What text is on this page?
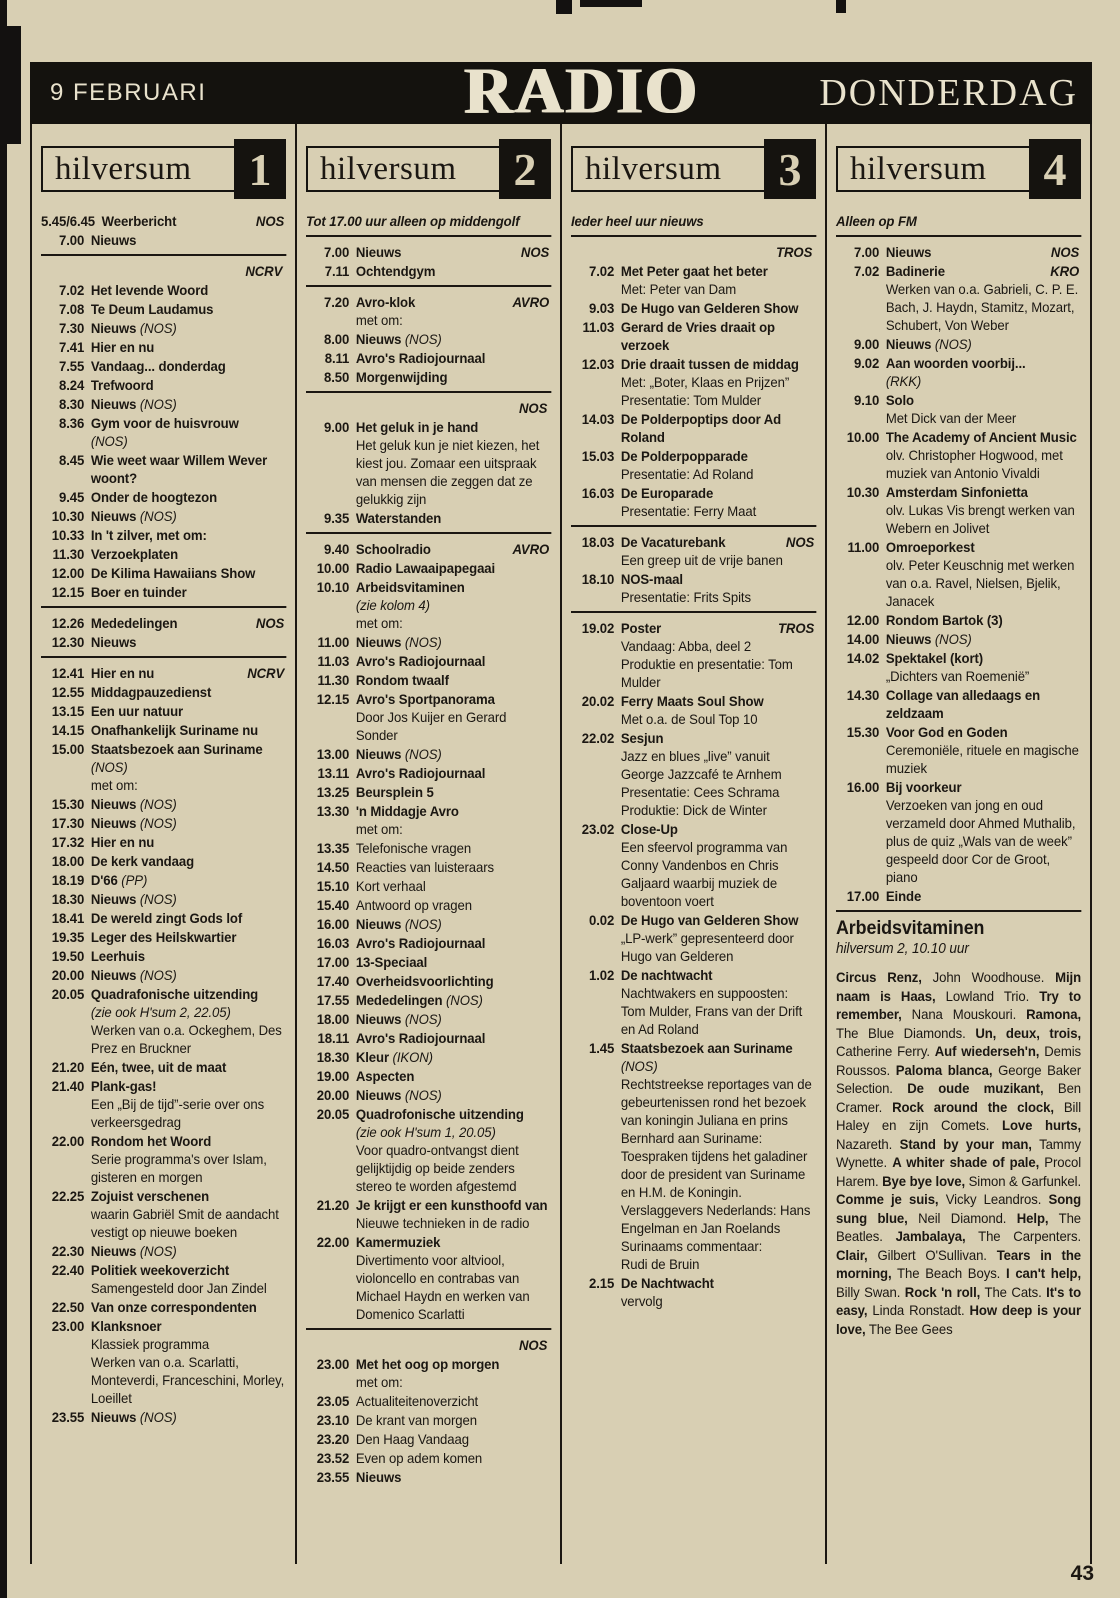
9 FEBRUARI	RADIO	DONDERDAG
hilversum	1
5.45/6.45 Weerbericht	NOS
7.00 Nieuws
NCRV
7.02 Het levende Woord
7.08 Te Deum Laudamus
7.30 Nieuws (NOS)
7.41 Hier en nu
7.55 Vandaag... donderdag
8.24 Trefwoord
8.30 Nieuws (NOS)
8.36 Gym voor de huisvrouw
(NOS)
8.45 Wie weet waar Willem Wever woont?
9.45 Onder de hoogtezon
10.30 Nieuws (NOS)
10.33 In 't zilver, met om:
11.30 Verzoekplaten
12.00 De Kilima Hawaiians Show
12.15 Boer en tuinder
12.26 Mededelingen	NOS
12.30 Nieuws
12.41 Hier en nu	NCRV
12.55 Middagpauzedienst
13.15 Een uur natuur
14.15 Onafhankelijk Suriname nu
15.00 Staatsbezoek aan Suriname
(NOS)
met om:
15.30 Nieuws (NOS)
17.30 Nieuws (NOS)
17.32 Hier en nu
18.00 De kerk vandaag
18.19 D'66 (PP)
18.30 Nieuws (NOS)
18.41 De wereld zingt Gods lof
19.35 Leger des Heilskwartier
19.50 Leerhuis
20.00 Nieuws (NOS)
20.05 Quadrafonische uitzending
(zie ook H'sum 2, 22.05)
Werken van o.a. Ockeghem, Des Prez en Bruckner
21.20 Eén, twee, uit de maat
21.40 Plank-gas!
Een „Bij de tijd”-serie over ons verkeersgedrag
22.00 Rondom het Woord
Serie programma's over Islam, gisteren en morgen
22.25 Zojuist verschenen
waarin Gabriël Smit de aandacht vestigt op nieuwe boeken
22.30 Nieuws (NOS)
22.40 Politiek weekoverzicht
Samengesteld door Jan Zindel
22.50 Van onze correspondenten
23.00 Klanksnoer
Klassiek programma
Werken van o.a. Scarlatti, Monteverdi, Franceschini, Morley, Loeillet
23.55 Nieuws (NOS)
hilversum	2
Tot 17.00 uur alleen op middengolf
7.00 Nieuws	NOS
7.11 Ochtendgym
7.20 Avro-klok	AVRO
met om:
8.00 Nieuws (NOS)
8.11 Avro's Radiojournaal
8.50 Morgenwijding
NOS
9.00 Het geluk in je hand
Het geluk kun je niet kiezen, het kiest jou. Zomaar een uitspraak van mensen die zeggen dat ze gelukkig zijn
9.35 Waterstanden
9.40 Schoolradio	AVRO
10.00 Radio Lawaaipapegaai
10.10 Arbeidsvitaminen
(zie kolom 4)
met om:
11.00 Nieuws (NOS)
11.03 Avro's Radiojournaal
11.30 Rondom twaalf
12.15 Avro's Sportpanorama
Door Jos Kuijer en Gerard Sonder
13.00 Nieuws (NOS)
13.11 Avro's Radiojournaal
13.25 Beursplein 5
13.30 'n Middagje Avro
met om:
13.35 Telefonische vragen
14.50 Reacties van luisteraars
15.10 Kort verhaal
15.40 Antwoord op vragen
16.00 Nieuws (NOS)
16.03 Avro's Radiojournaal
17.00 13-Speciaal
17.40 Overheidsvoorlichting
17.55 Mededelingen (NOS)
18.00 Nieuws (NOS)
18.11 Avro's Radiojournaal
18.30 Kleur (IKON)
19.00 Aspecten
20.00 Nieuws (NOS)
20.05 Quadrofonische uitzending
(zie ook H'sum 1, 20.05)
Voor quadro-ontvangst dient gelijktijdig op beide zenders stereo te worden afgestemd
21.20 Je krijgt er een kunsthoofd van
Nieuwe technieken in de radio
22.00 Kamermuziek
Divertimento voor altviool, violoncello en contrabas van Michael Haydn en werken van Domenico Scarlatti
NOS
23.00 Met het oog op morgen
met om:
23.05 Actualiteitenoverzicht
23.10 De krant van morgen
23.20 Den Haag Vandaag
23.52 Even op adem komen
23.55 Nieuws
hilversum	3
Ieder heel uur nieuws
TROS
7.02 Met Peter gaat het beter
Met: Peter van Dam
9.03 De Hugo van Gelderen Show
11.03 Gerard de Vries draait op verzoek
12.03 Drie draait tussen de middag
Met: „Boter, Klaas en Prijzen”
Presentatie: Tom Mulder
14.03 De Polderpoptips door Ad Roland
15.03 De Polderpopparade
Presentatie: Ad Roland
16.03 De Europarade
Presentatie: Ferry Maat
18.03 De Vacaturebank	NOS
Een greep uit de vrije banen
18.10 NOS-maal
Presentatie: Frits Spits
19.02 Poster	TROS
Vandaag: Abba, deel 2
Produktie en presentatie: Tom Mulder
20.02 Ferry Maats Soul Show
Met o.a. de Soul Top 10
22.02 Sesjun
Jazz en blues „live” vanuit George Jazzcafé te Arnhem
Presentatie: Cees Schrama
Produktie: Dick de Winter
23.02 Close-Up
Een sfeervol programma van Conny Vandenbos en Chris Galjaard waarbij muziek de boventoon voert
0.02 De Hugo van Gelderen Show
„LP-werk” gepresenteerd door Hugo van Gelderen
1.02 De nachtwacht
Nachtwakers en suppoosten:
Tom Mulder, Frans van der Drift en Ad Roland
1.45 Staatsbezoek aan Suriname
(NOS)
Rechtstreekse reportages van de gebeurtenissen rond het bezoek van koningin Juliana en prins Bernhard aan Suriname: Toespraken tijdens het galadiner door de president van Suriname en H.M. de Koningin. Verslaggevers Nederlands: Hans Engelman en Jan Roelands
Surinaams commentaar:
Rudi de Bruin
2.15 De Nachtwacht
vervolg
hilversum	4
Alleen op FM
7.00 Nieuws	NOS
7.02 Badinerie	KRO
Werken van o.a. Gabrieli, C. P. E. Bach, J. Haydn, Stamitz, Mozart, Schubert, Von Weber
9.00 Nieuws (NOS)
9.02 Aan woorden voorbij...
(RKK)
9.10 Solo
Met Dick van der Meer
10.00 The Academy of Ancient Music
olv. Christopher Hogwood, met muziek van Antonio Vivaldi
10.30 Amsterdam Sinfonietta
olv. Lukas Vis brengt werken van Webern en Jolivet
11.00 Omroeporkest
olv. Peter Keuschnig met werken van o.a. Ravel, Nielsen, Bjelik, Janacek
12.00 Rondom Bartok (3)
14.00 Nieuws (NOS)
14.02 Spektakel (kort)
„Dichters van Roemenië”
14.30 Collage van alledaags en zeldzaam
15.30 Voor God en Goden
Ceremoniële, rituele en magische muziek
16.00 Bij voorkeur
Verzoeken van jong en oud verzameld door Ahmed Muthalib, plus de quiz „Wals van de week” gespeeld door Cor de Groot, piano
17.00 Einde
Arbeidsvitaminen
hilversum 2, 10.10 uur

Circus Renz, John Woodhouse. Mijn naam is Haas, Lowland Trio. Try to remember, Nana Mouskouri. Ramona, The Blue Diamonds. Un, deux, trois, Catherine Ferry. Auf wiederseh'n, Demis Roussos. Paloma blanca, George Baker Selection. De oude muzikant, Ben Cramer. Rock around the clock, Bill Haley en zijn Comets. Love hurts, Nazareth. Stand by your man, Tammy Wynette. A whiter shade of pale, Procol Harem. Bye bye love, Simon & Garfunkel. Comme je suis, Vicky Leandros. Song sung blue, Neil Diamond. Help, The Beatles. Jambalaya, The Carpenters. Clair, Gilbert O'Sullivan. Tears in the morning, The Beach Boys. I can't help, Billy Swan. Rock 'n roll, The Cats. It's to easy, Linda Ronstadt. How deep is your love, The Bee Gees

43
